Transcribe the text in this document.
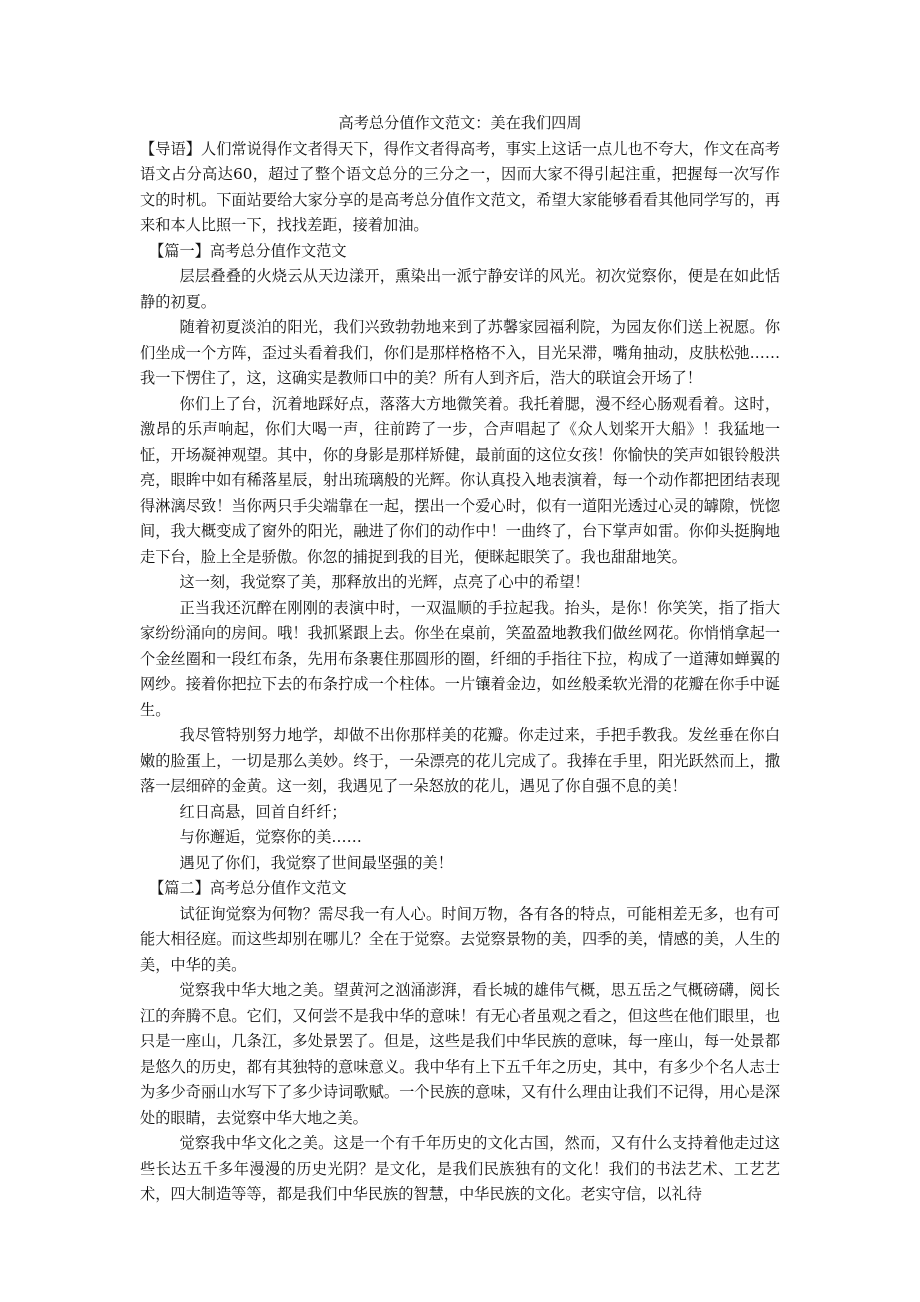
高考总分值作文范文：美在我们四周

【导语】人们常说得作文者得天下，得作文者得高考，事实上这话一点儿也不夸大，作文在高考语文占分高达60，超过了整个语文总分的三分之一，因而大家不得引起注重，把握每一次写作文的时机。下面站要给大家分享的是高考总分值作文范文，希望大家能够看看其他同学写的，再来和本人比照一下，找找差距，接着加油。

【篇一】高考总分值作文范文

层层叠叠的火烧云从天边漾开，熏染出一派宁静安详的风光。初次觉察你，便是在如此恬静的初夏。

随着初夏淡泊的阳光，我们兴致勃勃地来到了苏馨家园福利院，为园友你们送上祝愿。你们坐成一个方阵，歪过头看着我们，你们是那样格格不入，目光呆滞，嘴角抽动，皮肤松弛……我一下愣住了，这，这确实是教师口中的美？所有人到齐后，浩大的联谊会开场了！

你们上了台，沉着地踩好点，落落大方地微笑着。我托着腮，漫不经心肠观看着。这时，激昂的乐声响起，你们大喝一声，往前跨了一步，合声唱起了《众人划桨开大船》！我猛地一怔，开场凝神观望。其中，你的身影是那样矫健，最前面的这位女孩！你愉快的笑声如银铃般洪亮，眼眸中如有稀落星辰，射出琉璃般的光辉。你认真投入地表演着，每一个动作都把团结表现得淋漓尽致！当你两只手尖端靠在一起，摆出一个爱心时，似有一道阳光透过心灵的罅隙，恍惚间，我大概变成了窗外的阳光，融进了你们的动作中！一曲终了，台下掌声如雷。你仰头挺胸地走下台，脸上全是骄傲。你忽的捕捉到我的目光，便眯起眼笑了。我也甜甜地笑。

这一刻，我觉察了美，那释放出的光辉，点亮了心中的希望！

正当我还沉醉在刚刚的表演中时，一双温顺的手拉起我。抬头，是你！你笑笑，指了指大家纷纷涌向的房间。哦！我抓紧跟上去。你坐在桌前，笑盈盈地教我们做丝网花。你悄悄拿起一个金丝圈和一段红布条，先用布条裹住那圆形的圈，纤细的手指往下拉，构成了一道薄如蝉翼的网纱。接着你把拉下去的布条拧成一个柱体。一片镶着金边，如丝般柔软光滑的花瓣在你手中诞生。

我尽管特别努力地学，却做不出你那样美的花瓣。你走过来，手把手教我。发丝垂在你白嫩的脸蛋上，一切是那么美妙。终于，一朵漂亮的花儿完成了。我捧在手里，阳光跃然而上，撒落一层细碎的金黄。这一刻，我遇见了一朵怒放的花儿，遇见了你自强不息的美！

红日高悬，回首自纤纤；

与你邂逅，觉察你的美……

遇见了你们，我觉察了世间最坚强的美！

【篇二】高考总分值作文范文

试征询觉察为何物？需尽我一有人心。时间万物，各有各的特点，可能相差无多，也有可能大相径庭。而这些却别在哪儿？全在于觉察。去觉察景物的美，四季的美，情感的美，人生的美，中华的美。

觉察我中华大地之美。望黄河之汹涌澎湃，看长城的雄伟气概，思五岳之气概磅礴，阅长江的奔腾不息。它们，又何尝不是我中华的意味！有无心者虽观之看之，但这些在他们眼里，也只是一座山，几条江，多处景罢了。但是，这些是我们中华民族的意味，每一座山，每一处景都是悠久的历史，都有其独特的意味意义。我中华有上下五千年之历史，其中，有多少个名人志士为多少奇丽山水写下了多少诗词歌赋。一个民族的意味，又有什么理由让我们不记得，用心是深处的眼睛，去觉察中华大地之美。

觉察我中华文化之美。这是一个有千年历史的文化古国，然而，又有什么支持着他走过这些长达五千多年漫漫的历史光阴？是文化，是我们民族独有的文化！我们的书法艺术、工艺艺术，四大制造等等，都是我们中华民族的智慧，中华民族的文化。老实守信，以礼待
